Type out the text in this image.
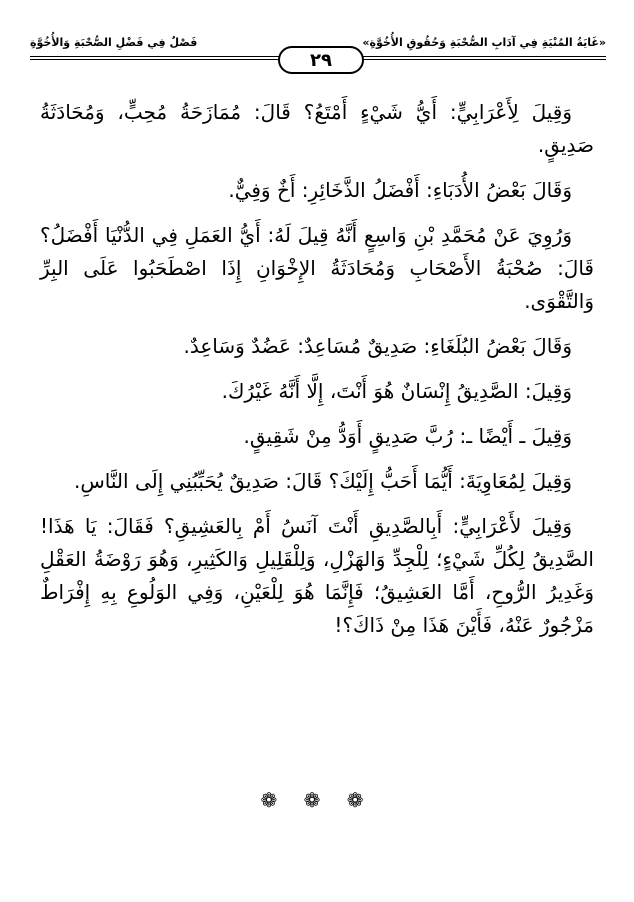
«غَايَةُ المُنْيَةِ فِي آدَابِ الصُّحْبَةِ وَحُقُوقِ الأُخُوَّةِ»
فَصْلٌ فِي فَضْلِ الصُّحْبَةِ وَالأُخُوَّةِ
٢٩

وَقِيلَ لِأَعْرَابِيٍّ: أَيُّ شَيْءٍ أَمْتَعُ؟ قَالَ: مُمَازَحَةُ مُحِبٍّ، وَمُحَادَثَةُ صَدِيقٍ.

وَقَالَ بَعْضُ الأُدَبَاءِ: أَفْضَلُ الذَّخَائِرِ: أَخٌ وَفِيٌّ.

وَرُوِيَ عَنْ مُحَمَّدِ بْنِ وَاسِعٍ أَنَّهُ قِيلَ لَهُ: أَيُّ العَمَلِ فِي الدُّنْيَا أَفْضَلُ؟ قَالَ: صُحْبَةُ الأَصْحَابِ وَمُحَادَثَةُ الإِخْوَانِ إِذَا اصْطَحَبُوا عَلَى البِرِّ وَالتَّقْوَى.

وَقَالَ بَعْضُ البُلَغَاءِ: صَدِيقٌ مُسَاعِدٌ: عَضُدٌ وَسَاعِدٌ.

وَقِيلَ: الصَّدِيقُ إِنْسَانٌ هُوَ أَنْتَ، إِلَّا أَنَّهُ غَيْرُكَ.

وَقِيلَ ـ أَيْضًا ـ: رُبَّ صَدِيقٍ أَوَدُّ مِنْ شَقِيقٍ.

وَقِيلَ لِمُعَاوِيَةَ: أَيُّمَا أَحَبُّ إِلَيْكَ؟ قَالَ: صَدِيقٌ يُحَبِّبُنِي إِلَى النَّاسِ.

وَقِيلَ لأَعْرَابِيٍّ: أَبِالصَّدِيقِ أَنْتَ آنَسُ أَمْ بِالعَشِيقِ؟ فَقَالَ: يَا هَذَا! الصَّدِيقُ لِكُلِّ شَيْءٍ؛ لِلْجِدِّ وَالهَزْلِ، وَلِلْقَلِيلِ وَالكَثِيرِ، وَهُوَ رَوْضَةُ العَقْلِ وَغَدِيرُ الرُّوحِ، أَمَّا العَشِيقُ؛ فَإِنَّمَا هُوَ لِلْعَيْنِ، وَفِي الوَلُوعِ بِهِ إِفْرَاطٌ مَزْجُورٌ عَنْهُ، فَأَيْنَ هَذَا مِنْ ذَاكَ؟!

❁ ❁ ❁
